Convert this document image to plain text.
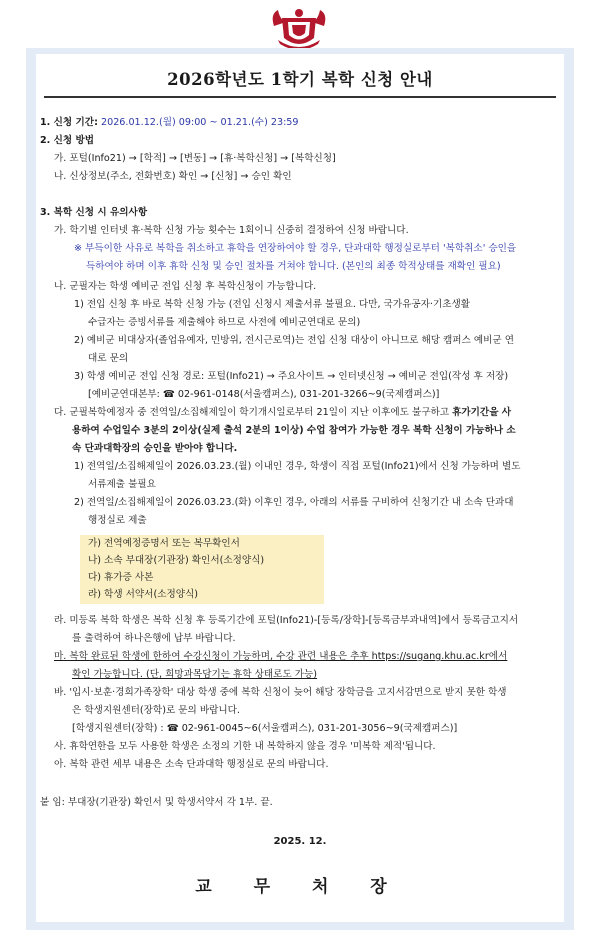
2026학년도 1학기 복학 신청 안내
1. 신청 기간: 2026.01.12.(월) 09:00 ~ 01.21.(수) 23:59
2. 신청 방법
가. 포털(Info21) → [학적] → [변동] → [휴·복학신청] → [복학신청]
나. 신상정보(주소, 전화번호) 확인 → [신청] → 승인 확인
3. 복학 신청 시 유의사항
가. 학기별 인터넷 휴·복학 신청 가능 횟수는 1회이니 신중히 결정하여 신청 바랍니다.
※ 부득이한 사유로 복학을 취소하고 휴학을 연장하여야 할 경우, 단과대학 행정실로부터 '복학취소' 승인을
득하여야 하며 이후 휴학 신청 및 승인 절차를 거쳐야 합니다. (본인의 최종 학적상태를 재확인 필요)
나. 군필자는 학생 예비군 전입 신청 후 복학신청이 가능합니다.
1) 전입 신청 후 바로 복학 신청 가능 (전입 신청시 제출서류 불필요. 다만, 국가유공자·기초생활
수급자는 증빙서류를 제출해야 하므로 사전에 예비군연대로 문의)
2) 예비군 비대상자(졸업유예자, 민방위, 전시근로역)는 전입 신청 대상이 아니므로 해당 캠퍼스 예비군 연
대로 문의
3) 학생 예비군 전입 신청 경로: 포털(Info21) → 주요사이트 → 인터넷신청 → 예비군 전입(작성 후 저장)
[예비군연대본부: ☎ 02-961-0148(서울캠퍼스), 031-201-3266~9(국제캠퍼스)]
다. 군필복학예정자 중 전역일/소집해제일이 학기개시일로부터 21일이 지난 이후에도 불구하고 휴가기간을 사
용하여 수업일수 3분의 2이상(실제 출석 2분의 1이상) 수업 참여가 가능한 경우 복학 신청이 가능하나 소
속 단과대학장의 승인을 받아야 합니다.
1) 전역일/소집해제일이 2026.03.23.(월) 이내인 경우, 학생이 직접 포털(Info21)에서 신청 가능하며 별도
서류제출 불필요
2) 전역일/소집해제일이 2026.03.23.(화) 이후인 경우, 아래의 서류를 구비하여 신청기간 내 소속 단과대
행정실로 제출
가) 전역예정증명서 또는 복무확인서
나) 소속 부대장(기관장) 확인서(소정양식)
다) 휴가증 사본
라) 학생 서약서(소정양식)
라. 미등록 복학 학생은 복학 신청 후 등록기간에 포털(Info21)-[등록/장학]-[등록금부과내역]에서 등록금고지서
를 출력하여 하나은행에 납부 바랍니다.
마. 복학 완료된 학생에 한하여 수강신청이 가능하며, 수강 관련 내용은 추후 https://sugang.khu.ac.kr에서
확인 가능합니다. (단, 희망과목담기는 휴학 상태로도 가능)
바. '입시·보훈·경희가족장학' 대상 학생 중에 복학 신청이 늦어 해당 장학금을 고지서감면으로 받지 못한 학생
은 학생지원센터(장학)로 문의 바랍니다.
[학생지원센터(장학) : ☎ 02-961-0045~6(서울캠퍼스), 031-201-3056~9(국제캠퍼스)]
사. 휴학연한을 모두 사용한 학생은 소정의 기한 내 복학하지 않을 경우 '미복학 제적'됩니다.
아. 복학 관련 세부 내용은 소속 단과대학 행정실로 문의 바랍니다.
붙 임: 부대장(기관장) 확인서 및 학생서약서 각 1부. 끝.
2025. 12.
교 무 처 장
